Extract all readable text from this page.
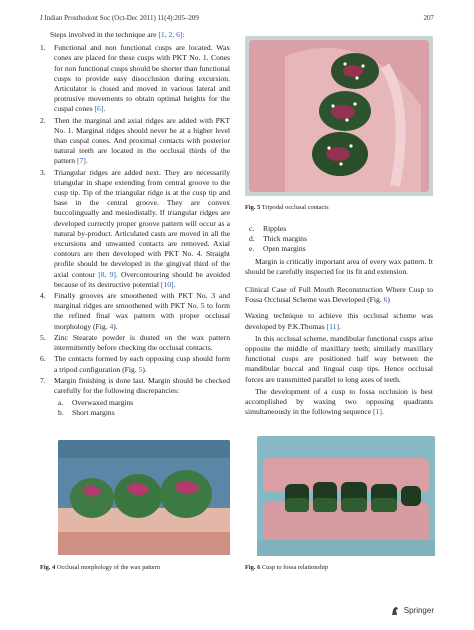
J Indian Prosthodont Soc (Oct-Dec 2011) 11(4):205–209	207

Steps involved in the technique are [1, 2, 6]:

1. Functional and non functional cusps are located. Wax cones are placed for these cusps with PKT No. 1. Cones for non functional cusps should be shorter than functional cusps to provide easy disocclusion during excursion. Articulator is closed and moved in various lateral and protrusive movements to obtain optimal heights for the cuspal cones [6].
2. Then the marginal and axial ridges are added with PKT No. 1. Marginal ridges should never be at a higher level than cuspal cones. And proximal contacts with posterior natural teeth are located in the occlusal thirds of the pattern [7].
3. Triangular ridges are added next. They are necessarily triangular in shape extending from central groove to the cusp tip. Tip of the triangular ridge is at the cusp tip and base in the central groove. They are convex buccolingually and mesiodistally. If triangular ridges are developed correctly proper groove pattern will occur as a natural by-product. Articulated casts are moved in all the excursions and unwanted contacts are removed. Axial contours are then developed with PKT No. 4. Straight profile should be developed in the gingival third of the axial contour [8, 9]. Overcontouring should be avoided because of its destructive potential [10].
4. Finally grooves are smoothened with PKT No. 3 and marginal ridges are smoothened with PKT No. 5 to form the refined final wax pattern with proper occlusal morphology (Fig. 4).
5. Zinc Stearate powder is dusted on the wax pattern intermittently before checking the occlusal contacts.
6. The contacts formed by each opposing cusp should form a tripod configuration (Fig. 5).
7. Margin finishing is done last. Margin should be checked carefully for the following discrepancies:
a. Overwaxed margins
b. Short margins
Fig. 5 Tripodal occlusal contacts
c. Ripples
d. Thick margins
e. Open margins

Margin is critically important area of every wax pattern. It should be carefully inspected for its fit and extension.

Clinical Case of Full Mouth Reconstruction Where Cusp to Fossa Occlusal Scheme was Developed (Fig. 6)

Waxing technique to achieve this occlusal scheme was developed by P.K.Thomas [11].

In this occlusal scheme, mandibular functional cusps arise opposite the middle of maxillary teeth; similarly maxillary functional cusps are positioned half way between the mandibular buccal and lingual cusp tips. Hence occlusal forces are transmitted parallel to long axes of teeth.

The development of a cusp to fossa occlusion is best accomplished by waxing two opposing quadrants simultaneously in the following sequence [1].

Fig. 4 Occlusal morphology of the wax pattern	Fig. 6 Cusp to fossa relationship
Springer
